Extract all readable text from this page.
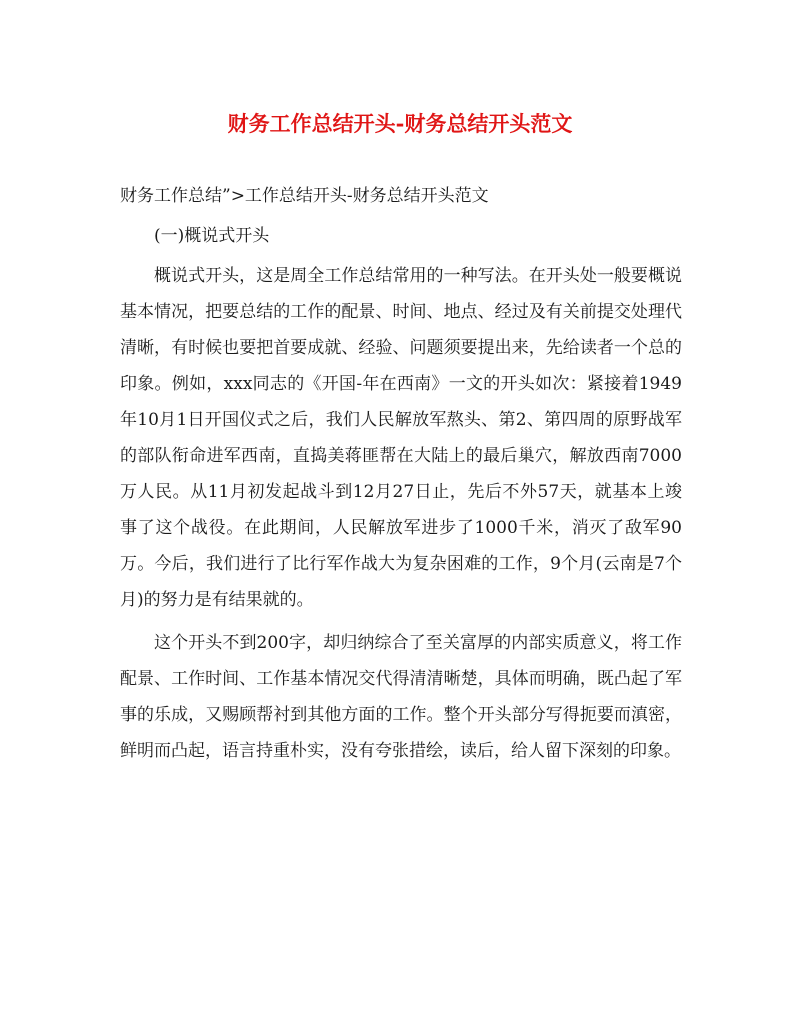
财务工作总结开头-财务总结开头范文

财务工作总结”>工作总结开头-财务总结开头范文

(一)概说式开头

概说式开头，这是周全工作总结常用的一种写法。在开头处一般要概说基本情况，把要总结的工作的配景、时间、地点、经过及有关前提交处理代清晰，有时候也要把首要成就、经验、问题须要提出来，先给读者一个总的印象。例如，xxx同志的《开国-年在西南》一文的开头如次：紧接着1949年10月1日开国仪式之后，我们人民解放军熬头、第2、第四周的原野战军的部队衔命进军西南，直捣美蒋匪帮在大陆上的最后巢穴，解放西南7000万人民。从11月初发起战斗到12月27日止，先后不外57天，就基本上竣事了这个战役。在此期间，人民解放军进步了1000千米，消灭了敌军90万。今后，我们进行了比行军作战大为复杂困难的工作，9个月(云南是7个月)的努力是有结果就的。

这个开头不到200字，却归纳综合了至关富厚的内部实质意义，将工作配景、工作时间、工作基本情况交代得清清晰楚，具体而明确，既凸起了军事的乐成，又赐顾帮衬到其他方面的工作。整个开头部分写得扼要而滇密，鲜明而凸起，语言持重朴实，没有夸张措绘，读后，给人留下深刻的印象。
